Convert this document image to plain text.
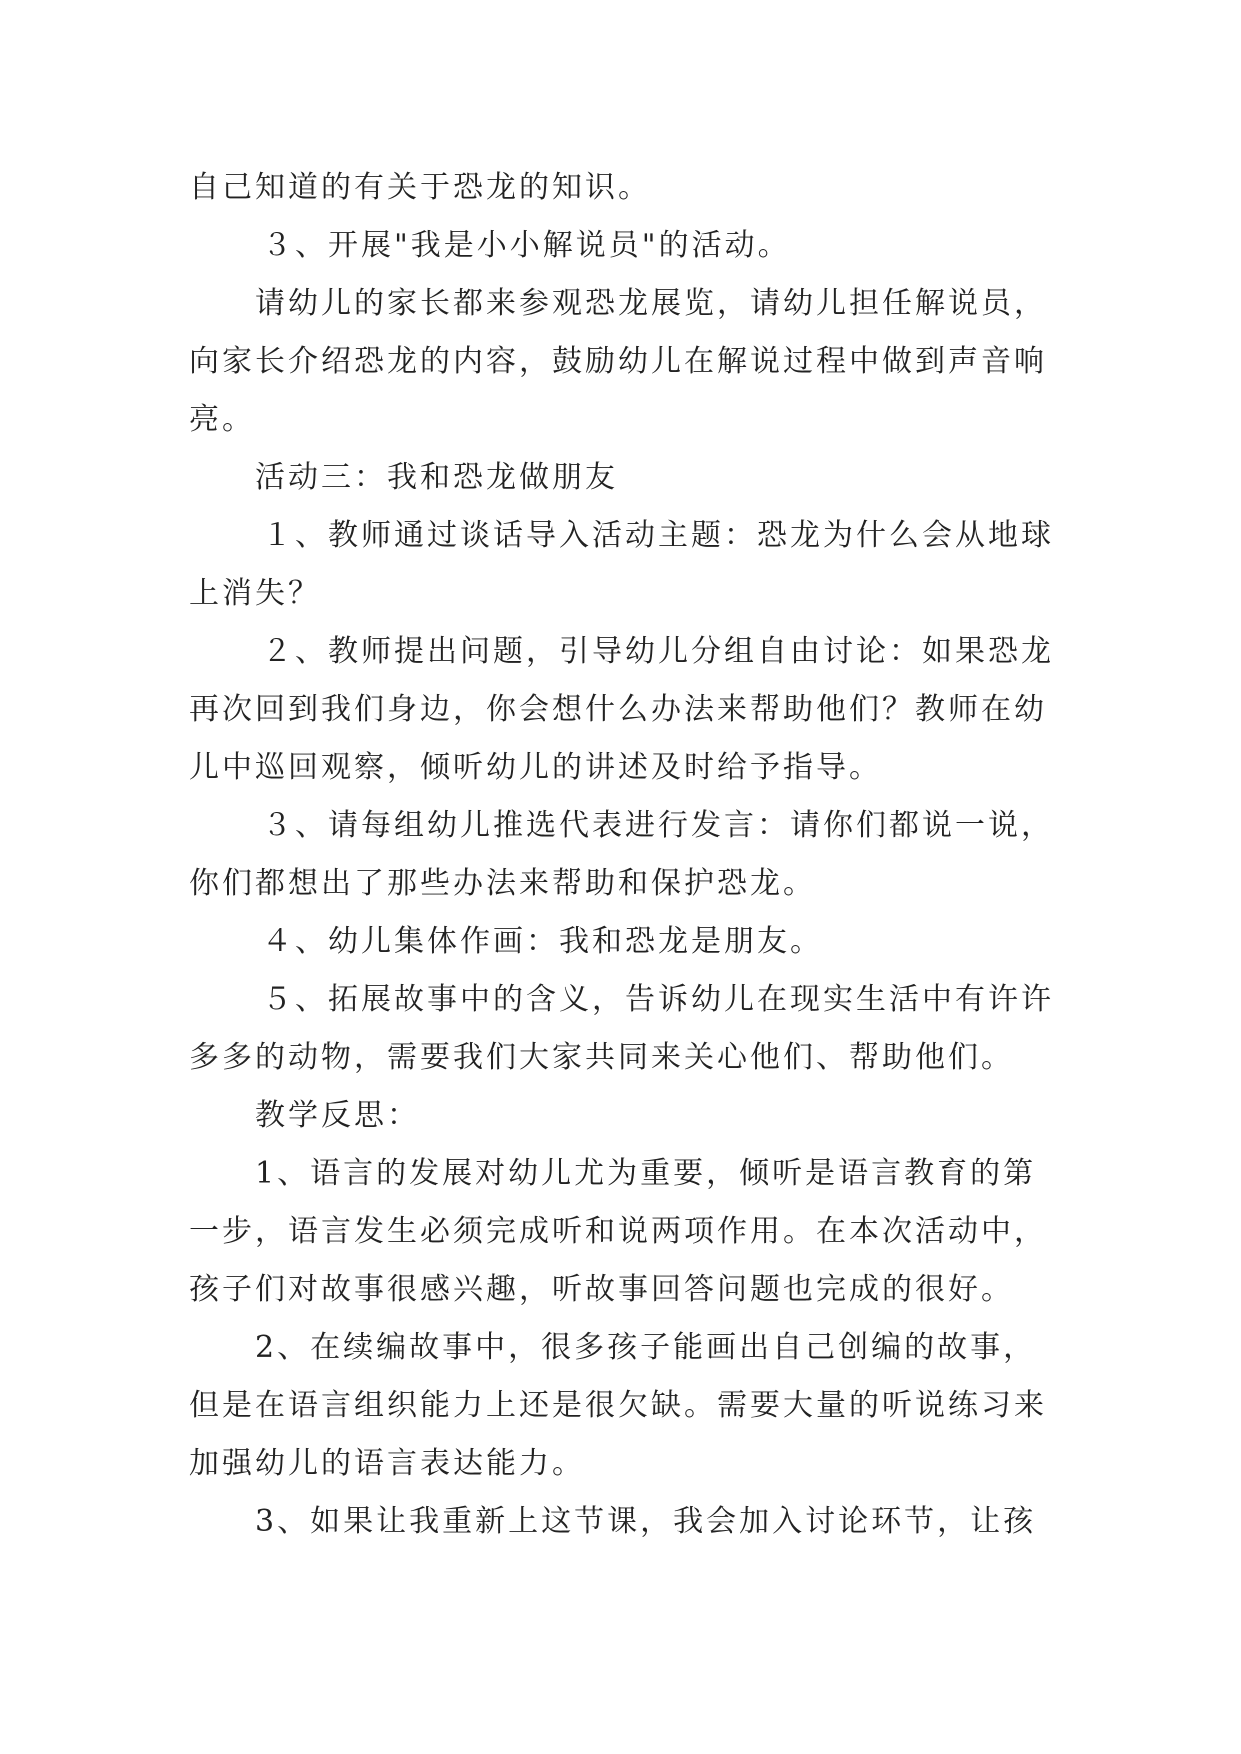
自己知道的有关于恐龙的知识。

３、开展"我是小小解说员"的活动。

请幼儿的家长都来参观恐龙展览，请幼儿担任解说员，

向家长介绍恐龙的内容，鼓励幼儿在解说过程中做到声音响

亮。

活动三：我和恐龙做朋友

１、教师通过谈话导入活动主题：恐龙为什么会从地球

上消失？

２、教师提出问题，引导幼儿分组自由讨论：如果恐龙

再次回到我们身边，你会想什么办法来帮助他们？教师在幼

儿中巡回观察，倾听幼儿的讲述及时给予指导。

３、请每组幼儿推选代表进行发言：请你们都说一说，

你们都想出了那些办法来帮助和保护恐龙。

４、幼儿集体作画：我和恐龙是朋友。

５、拓展故事中的含义，告诉幼儿在现实生活中有许许

多多的动物，需要我们大家共同来关心他们、帮助他们。

教学反思：

1、语言的发展对幼儿尤为重要，倾听是语言教育的第

一步，语言发生必须完成听和说两项作用。在本次活动中，

孩子们对故事很感兴趣，听故事回答问题也完成的很好。

2、在续编故事中，很多孩子能画出自己创编的故事，

但是在语言组织能力上还是很欠缺。需要大量的听说练习来

加强幼儿的语言表达能力。

3、如果让我重新上这节课，我会加入讨论环节，让孩
